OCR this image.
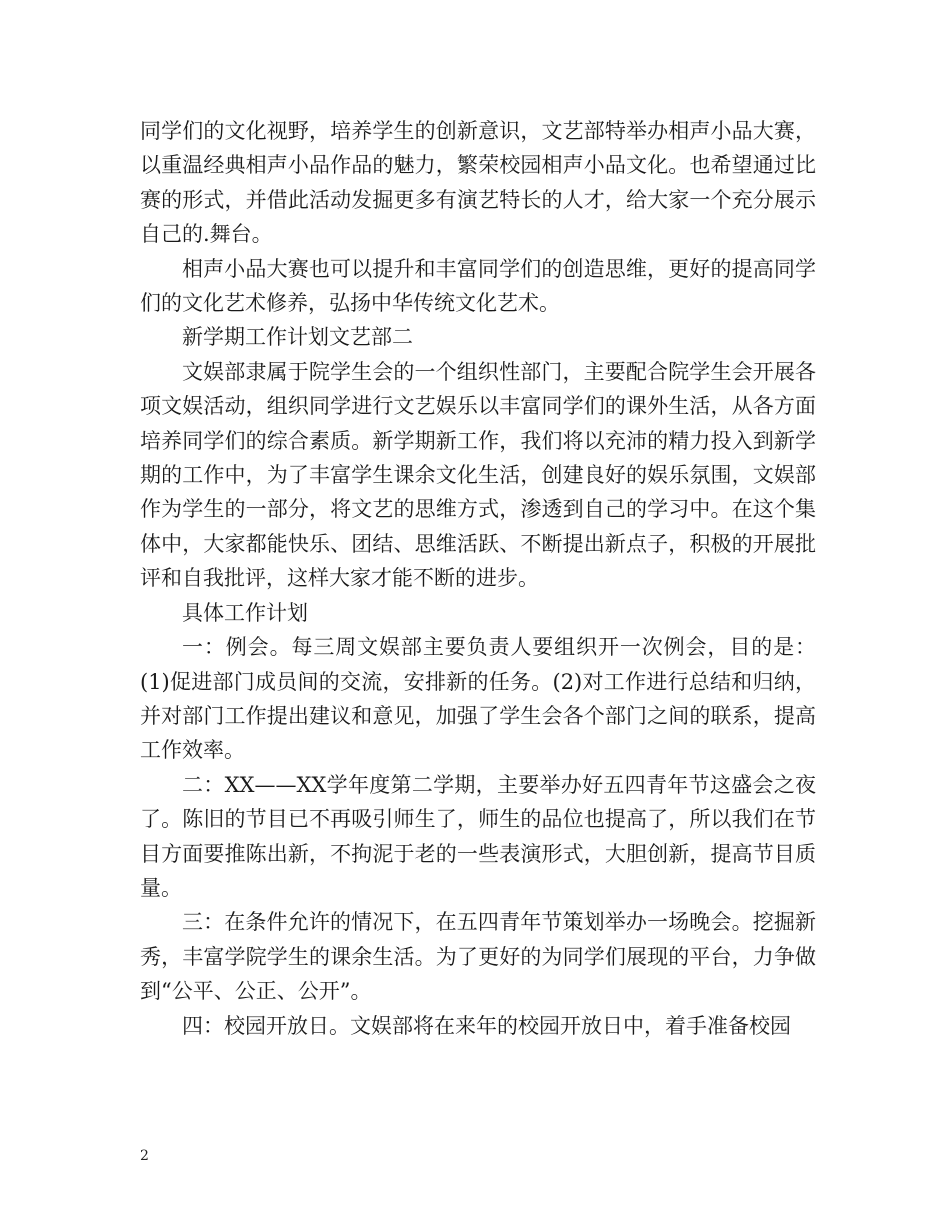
同学们的文化视野，培养学生的创新意识，文艺部特举办相声小品大赛，以重温经典相声小品作品的魅力，繁荣校园相声小品文化。也希望通过比赛的形式，并借此活动发掘更多有演艺特长的人才，给大家一个充分展示自己的.舞台。

相声小品大赛也可以提升和丰富同学们的创造思维，更好的提高同学们的文化艺术修养，弘扬中华传统文化艺术。

新学期工作计划文艺部二

文娱部隶属于院学生会的一个组织性部门，主要配合院学生会开展各项文娱活动，组织同学进行文艺娱乐以丰富同学们的课外生活，从各方面培养同学们的综合素质。新学期新工作，我们将以充沛的精力投入到新学期的工作中，为了丰富学生课余文化生活，创建良好的娱乐氛围，文娱部作为学生的一部分，将文艺的思维方式，渗透到自己的学习中。在这个集体中，大家都能快乐、团结、思维活跃、不断提出新点子，积极的开展批评和自我批评，这样大家才能不断的进步。

具体工作计划

一：例会。每三周文娱部主要负责人要组织开一次例会，目的是：(1)促进部门成员间的交流，安排新的任务。(2)对工作进行总结和归纳，并对部门工作提出建议和意见，加强了学生会各个部门之间的联系，提高工作效率。

二：XX——XX学年度第二学期，主要举办好五四青年节这盛会之夜了。陈旧的节目已不再吸引师生了，师生的品位也提高了，所以我们在节目方面要推陈出新，不拘泥于老的一些表演形式，大胆创新，提高节目质量。

三：在条件允许的情况下，在五四青年节策划举办一场晚会。挖掘新秀，丰富学院学生的课余生活。为了更好的为同学们展现的平台，力争做到“公平、公正、公开”。

四：校园开放日。文娱部将在来年的校园开放日中，着手准备校园

2
